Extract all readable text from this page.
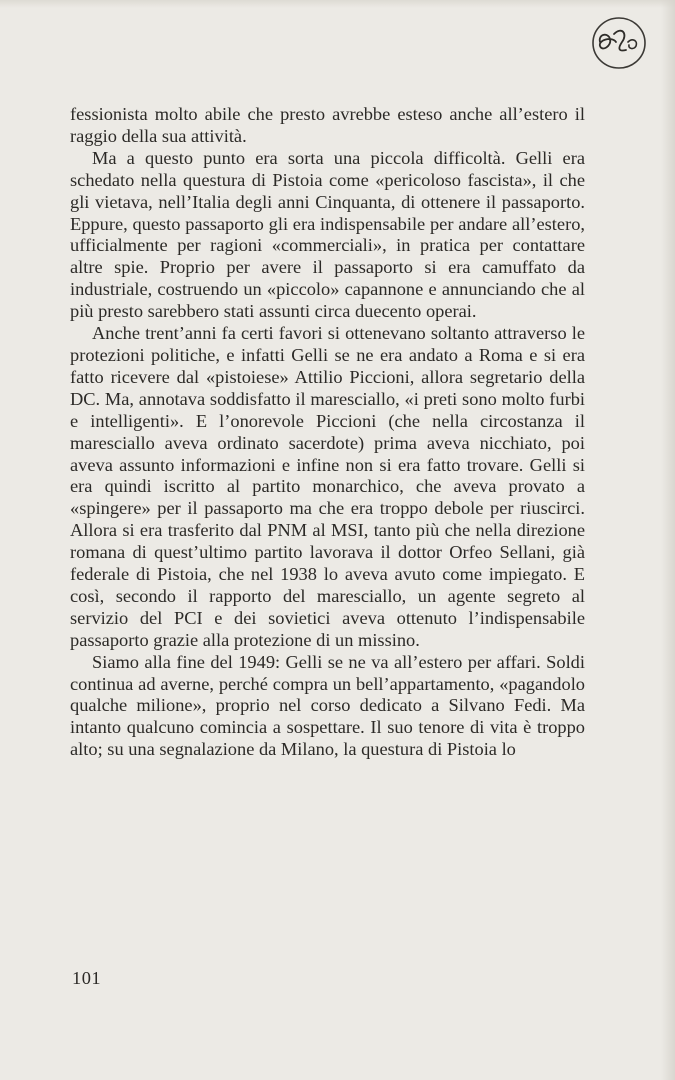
fessionista molto abile che presto avrebbe esteso anche all’estero il raggio della sua attività.

Ma a questo punto era sorta una piccola difficoltà. Gelli era schedato nella questura di Pistoia come «pericoloso fascista», il che gli vietava, nell’Italia degli anni Cinquanta, di ottenere il passaporto. Eppure, questo passaporto gli era indispensabile per andare all’estero, ufficialmente per ragioni «commerciali», in pratica per contattare altre spie. Proprio per avere il passaporto si era camuffato da industriale, costruendo un «piccolo» capannone e annunciando che al più presto sarebbero stati assunti circa duecento operai.

Anche trent’anni fa certi favori si ottenevano soltanto attraverso le protezioni politiche, e infatti Gelli se ne era andato a Roma e si era fatto ricevere dal «pistoiese» Attilio Piccioni, allora segretario della DC. Ma, annotava soddisfatto il maresciallo, «i preti sono molto furbi e intelligenti». E l’onorevole Piccioni (che nella circostanza il maresciallo aveva ordinato sacerdote) prima aveva nicchiato, poi aveva assunto informazioni e infine non si era fatto trovare. Gelli si era quindi iscritto al partito monarchico, che aveva provato a «spingere» per il passaporto ma che era troppo debole per riuscirci. Allora si era trasferito dal PNM al MSI, tanto più che nella direzione romana di quest’ultimo partito lavorava il dottor Orfeo Sellani, già federale di Pistoia, che nel 1938 lo aveva avuto come impiegato. E così, secondo il rapporto del maresciallo, un agente segreto al servizio del PCI e dei sovietici aveva ottenuto l’indispensabile passaporto grazie alla protezione di un missino.

Siamo alla fine del 1949: Gelli se ne va all’estero per affari. Soldi continua ad averne, perché compra un bell’appartamento, «pagandolo qualche milione», proprio nel corso dedicato a Silvano Fedi. Ma intanto qualcuno comincia a sospettare. Il suo tenore di vita è troppo alto; su una segnalazione da Milano, la questura di Pistoia lo

101
